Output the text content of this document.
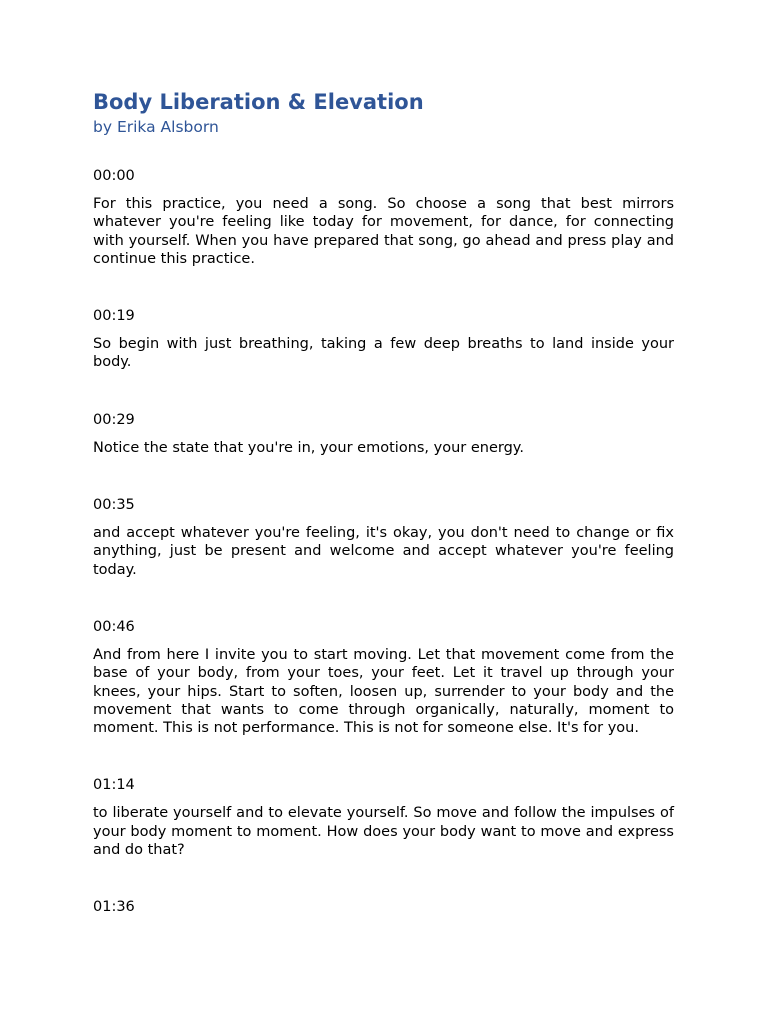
Body Liberation & Elevation

by Erika Alsborn

00:00

For this practice, you need a song. So choose a song that best mirrors whatever you're feeling like today for movement, for dance, for connecting with yourself. When you have prepared that song, go ahead and press play and continue this practice.

00:19

So begin with just breathing, taking a few deep breaths to land inside your body.

00:29

Notice the state that you're in, your emotions, your energy.

00:35

and accept whatever you're feeling, it's okay, you don't need to change or fix anything, just be present and welcome and accept whatever you're feeling today.

00:46

And from here I invite you to start moving. Let that movement come from the base of your body, from your toes, your feet. Let it travel up through your knees, your hips. Start to soften, loosen up, surrender to your body and the movement that wants to come through organically, naturally, moment to moment. This is not performance. This is not for someone else. It's for you.

01:14

to liberate yourself and to elevate yourself. So move and follow the impulses of your body moment to moment. How does your body want to move and express and do that?

01:36
